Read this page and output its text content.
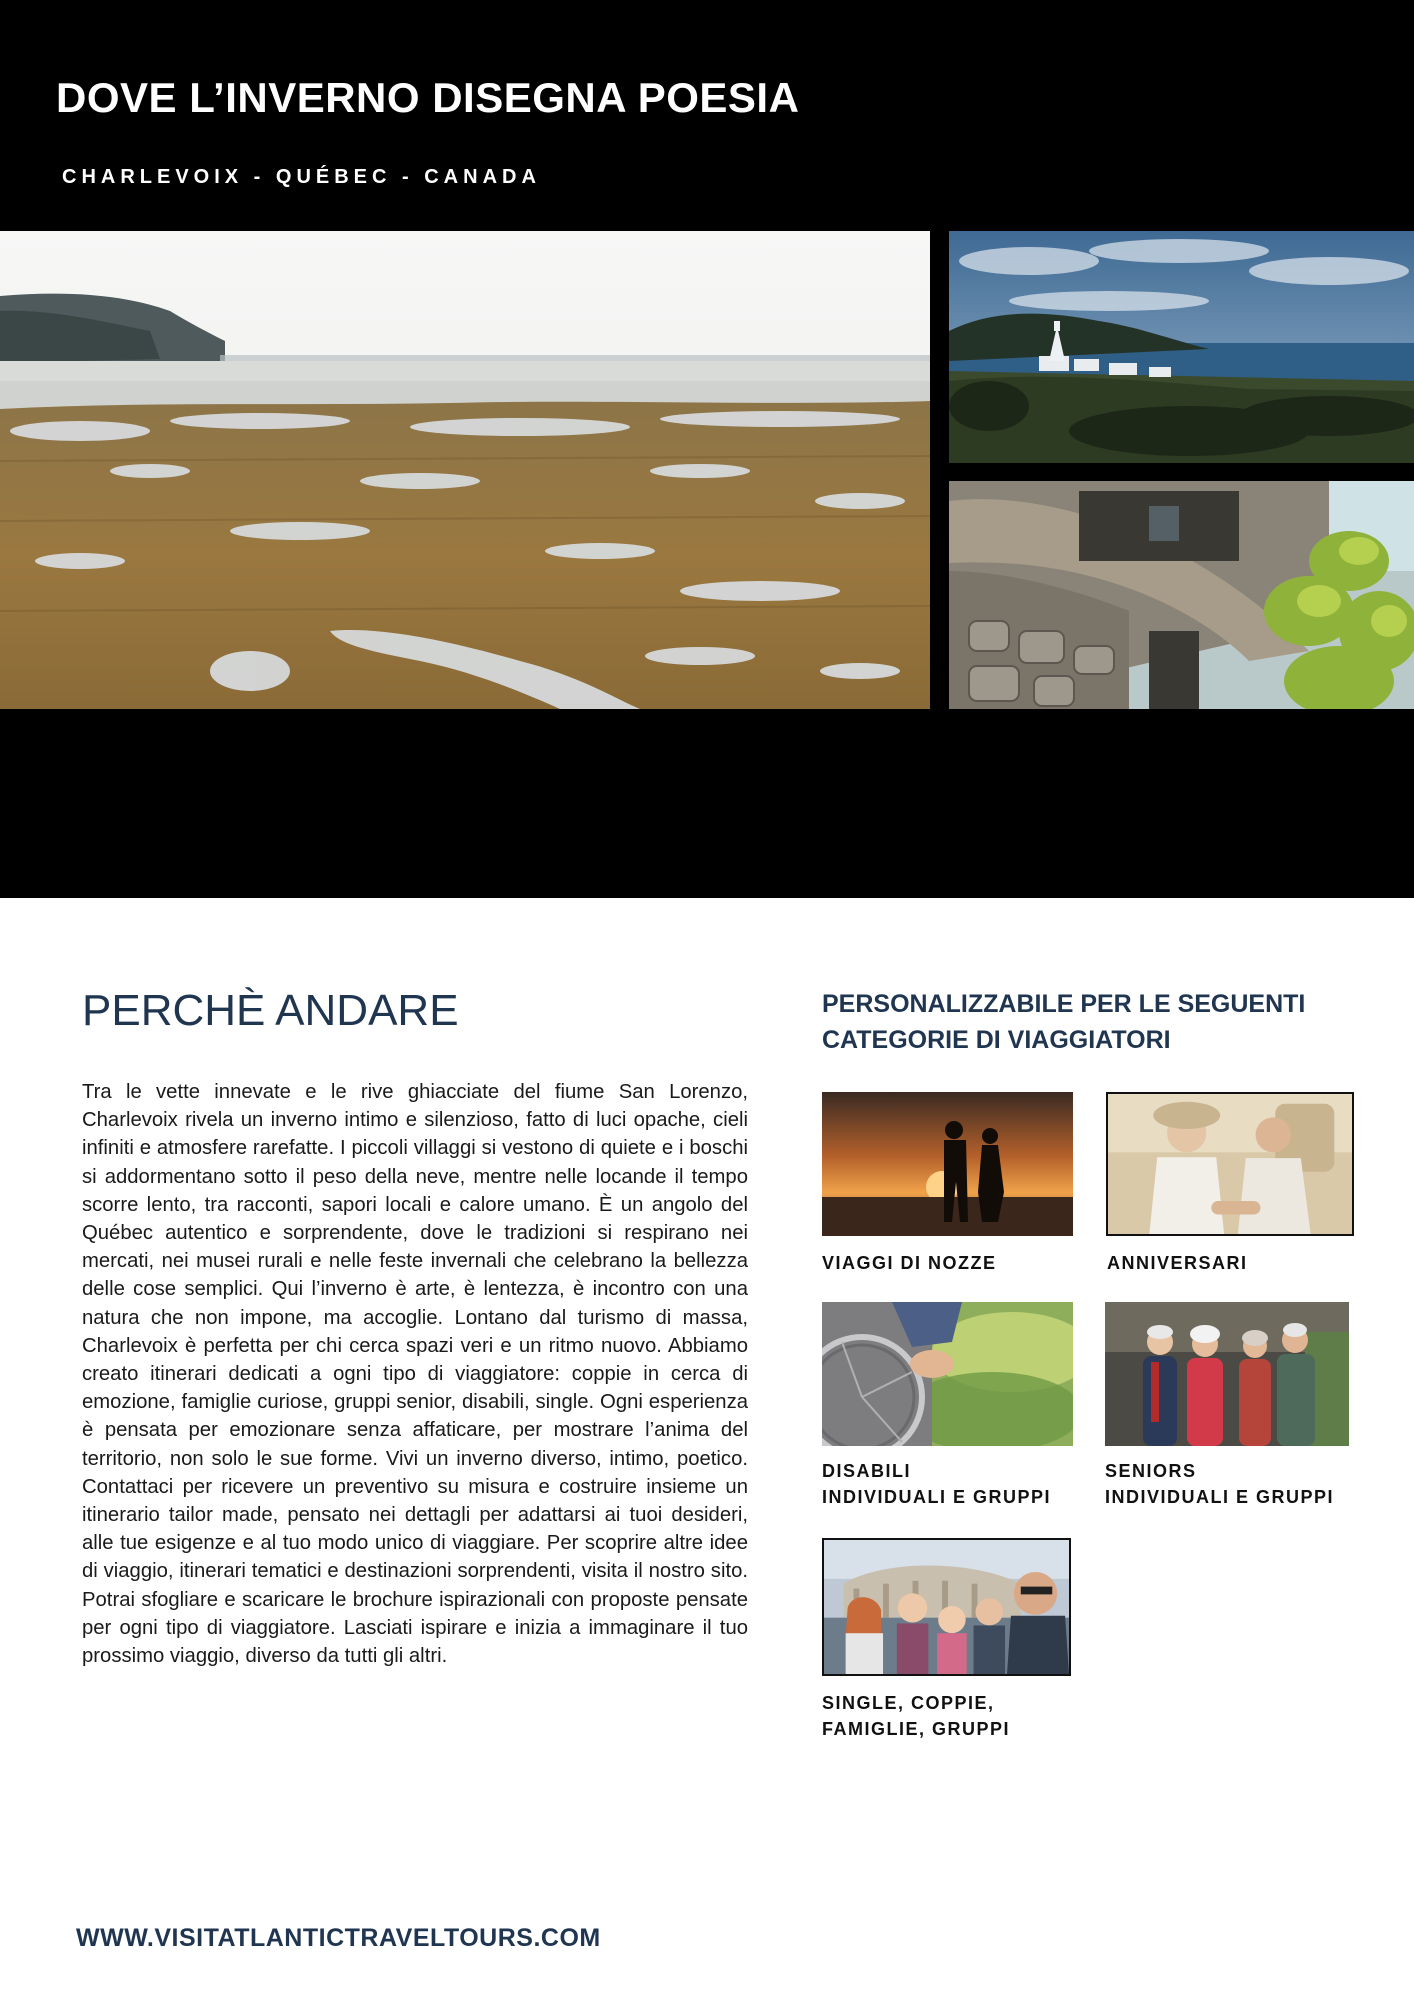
DOVE L’INVERNO DISEGNA POESIA
CHARLEVOIX - QUÉBEC - CANADA
PERCHÈ ANDARE

Tra le vette innevate e le rive ghiacciate del fiume San Lorenzo, Charlevoix rivela un inverno intimo e silenzioso, fatto di luci opache, cieli infiniti e atmosfere rarefatte. I piccoli villaggi si vestono di quiete e i boschi si addormentano sotto il peso della neve, mentre nelle locande il tempo scorre lento, tra racconti, sapori locali e calore umano. È un angolo del Québec autentico e sorprendente, dove le tradizioni si respirano nei mercati, nei musei rurali e nelle feste invernali che celebrano la bellezza delle cose semplici. Qui l’inverno è arte, è lentezza, è incontro con una natura che non impone, ma accoglie. Lontano dal turismo di massa, Charlevoix è perfetta per chi cerca spazi veri e un ritmo nuovo. Abbiamo creato itinerari dedicati a ogni tipo di viaggiatore: coppie in cerca di emozione, famiglie curiose, gruppi senior, disabili, single. Ogni esperienza è pensata per emozionare senza affaticare, per mostrare l’anima del territorio, non solo le sue forme. Vivi un inverno diverso, intimo, poetico. Contattaci per ricevere un preventivo su misura e costruire insieme un itinerario tailor made, pensato nei dettagli per adattarsi ai tuoi desideri, alle tue esigenze e al tuo modo unico di viaggiare. Per scoprire altre idee di viaggio, itinerari tematici e destinazioni sorprendenti, visita il nostro sito. Potrai sfogliare e scaricare le brochure ispirazionali con proposte pensate per ogni tipo di viaggiatore. Lasciati ispirare e inizia a immaginare il tuo prossimo viaggio, diverso da tutti gli altri.

PERSONALIZZABILE PER LE SEGUENTI CATEGORIE DI VIAGGIATORI
VIAGGI DI NOZZE	ANNIVERSARI
DISABILI
INDIVIDUALI E GRUPPI
SENIORS
INDIVIDUALI E GRUPPI
SINGLE, COPPIE,
FAMIGLIE, GRUPPI
WWW.VISITATLANTICTRAVELTOURS.COM
